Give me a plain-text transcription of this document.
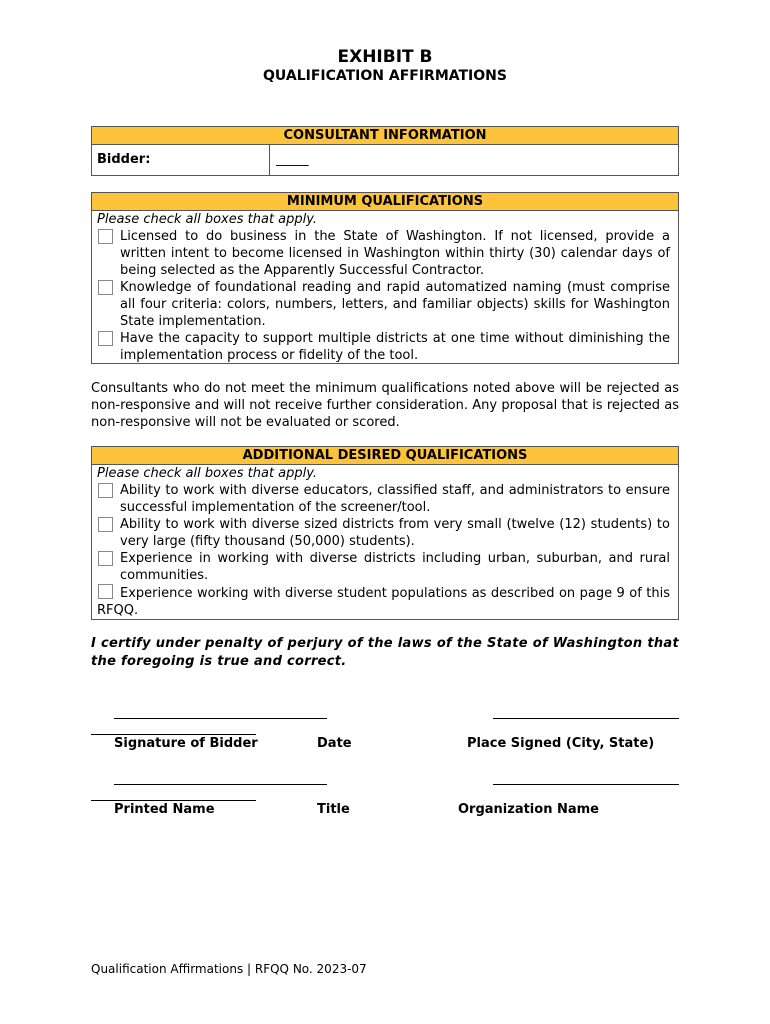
EXHIBIT B
QUALIFICATION AFFIRMATIONS
CONSULTANT INFORMATION
Bidder:	_____
MINIMUM QUALIFICATIONS
Please check all boxes that apply.
Licensed to do business in the State of Washington. If not licensed, provide a written intent to become licensed in Washington within thirty (30) calendar days of being selected as the Apparently Successful Contractor.
Knowledge of foundational reading and rapid automatized naming (must comprise all four criteria: colors, numbers, letters, and familiar objects) skills for Washington State implementation.
Have the capacity to support multiple districts at one time without diminishing the implementation process or fidelity of the tool.
Consultants who do not meet the minimum qualifications noted above will be rejected as non-responsive and will not receive further consideration. Any proposal that is rejected as non-responsive will not be evaluated or scored.
ADDITIONAL DESIRED QUALIFICATIONS
Please check all boxes that apply.
Ability to work with diverse educators, classified staff, and administrators to ensure successful implementation of the screener/tool.
Ability to work with diverse sized districts from very small (twelve (12) students) to very large (fifty thousand (50,000) students).
Experience in working with diverse districts including urban, suburban, and rural communities.
Experience working with diverse student populations as described on page 9 of this RFQQ.
I certify under penalty of perjury of the laws of the State of Washington that the foregoing is true and correct.
Signature of Bidder	Date	Place Signed (City, State)
Printed Name	Title	Organization Name
Qualification Affirmations | RFQQ No. 2023-07
